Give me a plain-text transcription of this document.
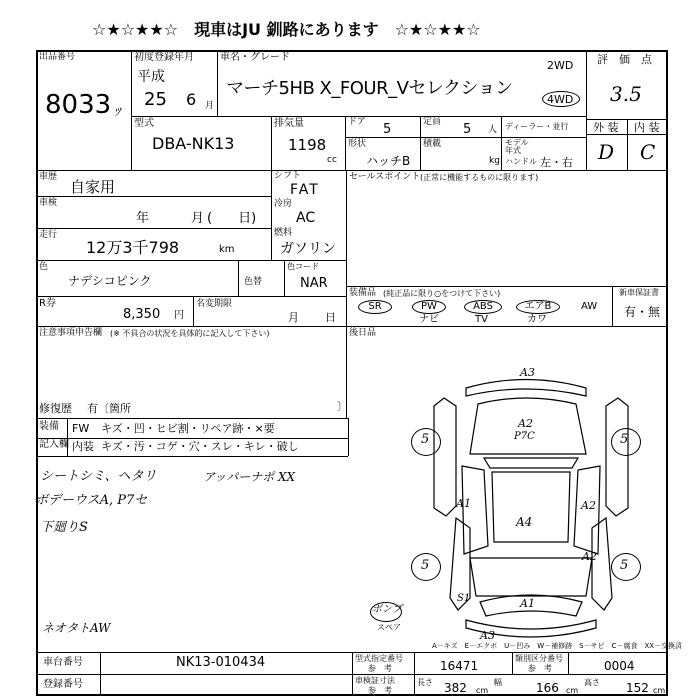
☆★☆★★☆　現車はJU 釧路にあります　☆★☆★★☆
出品番号
8033 ﾂ
初度登録年月
平成
25 6 月
車名・グレード
マーチ5HB X_FOUR_Vセレクション
2WD
4WD
評　価　点
3.5
型式
DBA-NK13
排気量
1198
cc
ドア 5	定員 5 人 ディーラー・並行
形状
ハッチB
積載
kg
モデル
年式
ハンドル 左・右
外 装 内 装
D C
車歴
自家用
車検
年	月 (　　日)
走行
12万3千798	km
シフト
FAT
冷房
AC
燃料
ガソリン
色
ナデシコピンク	色替
色コード
NAR
R券
8,350 円
名変期限
月 日
セールスポイント (正常に機能するものに限ります)
装備品 (純正品に限り○をつけて下さい)
SR	PW	ABS	エアB	AW
ナビ	TV	カワ
新車保証書
有・無
後日品
注意事項申告欄 (※ 不具合の状況を具体的に記入して下さい)
修復歴 有〔箇所	〕
装備 FW キズ・凹・ヒビ割・リペア跡・×要
記入欄 内装 キズ・汚・コゲ・穴・スレ・キレ・破し
シートシミ、ヘタリ
ボデーウスA, P7セ
下廻りS
アッパーナポ XX
ネオタトAW
5	5
5	5
A3
A2
P7C
A1	A2
A4
A2
A1
S1
A3
ボンプ
スペア
A－キズ　E－エクボ　U－凹み　W－補修跡　S－サビ　C－腐食　XX－交換済
車台番号	NK13-010434
登録番号
型式指定番号
参　考	16471
類別区分番号
参　考	0004
車検証寸法
参　考
長さ 382 cm
幅	166 cm
高さ 152 cm
